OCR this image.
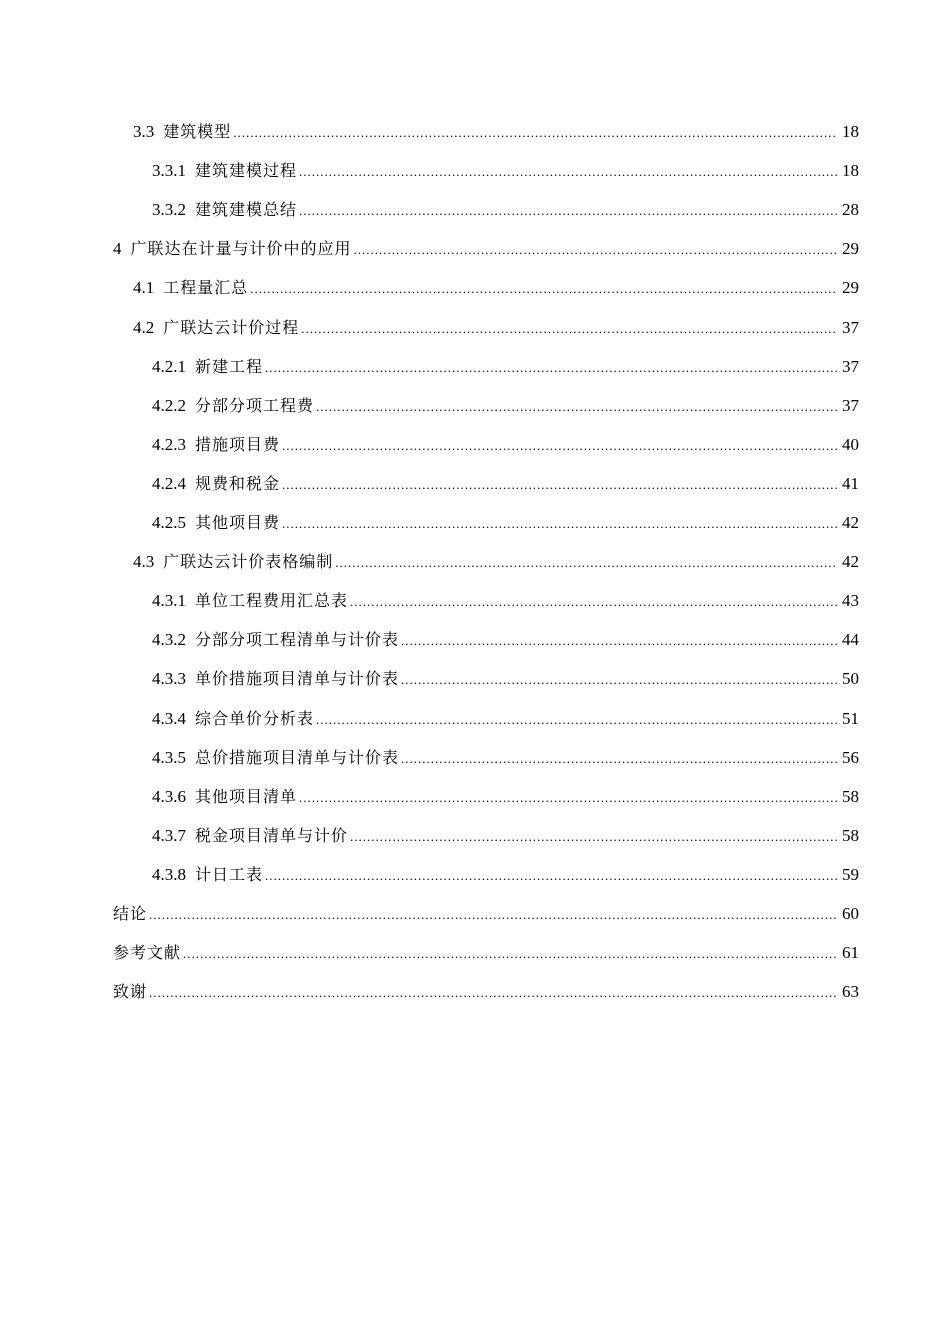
3.3 建筑模型 .....	18
3.3.1 建筑建模过程 .....	18
3.3.2 建筑建模总结 .....	28
4 广联达在计量与计价中的应用 .....	29
4.1 工程量汇总 .....	29
4.2 广联达云计价过程 .....	37
4.2.1 新建工程 .....	37
4.2.2 分部分项工程费 .....	37
4.2.3 措施项目费 .....	40
4.2.4 规费和税金 .....	41
4.2.5 其他项目费 .....	42
4.3 广联达云计价表格编制 .....	42
4.3.1 单位工程费用汇总表 .....	43
4.3.2 分部分项工程清单与计价表 .....	44
4.3.3 单价措施项目清单与计价表 .....	50
4.3.4 综合单价分析表 .....	51
4.3.5 总价措施项目清单与计价表 .....	56
4.3.6 其他项目清单 .....	58
4.3.7 税金项目清单与计价 .....	58
4.3.8 计日工表 .....	59
结论 .....	60
参考文献 .....	61
致谢 .....	63
